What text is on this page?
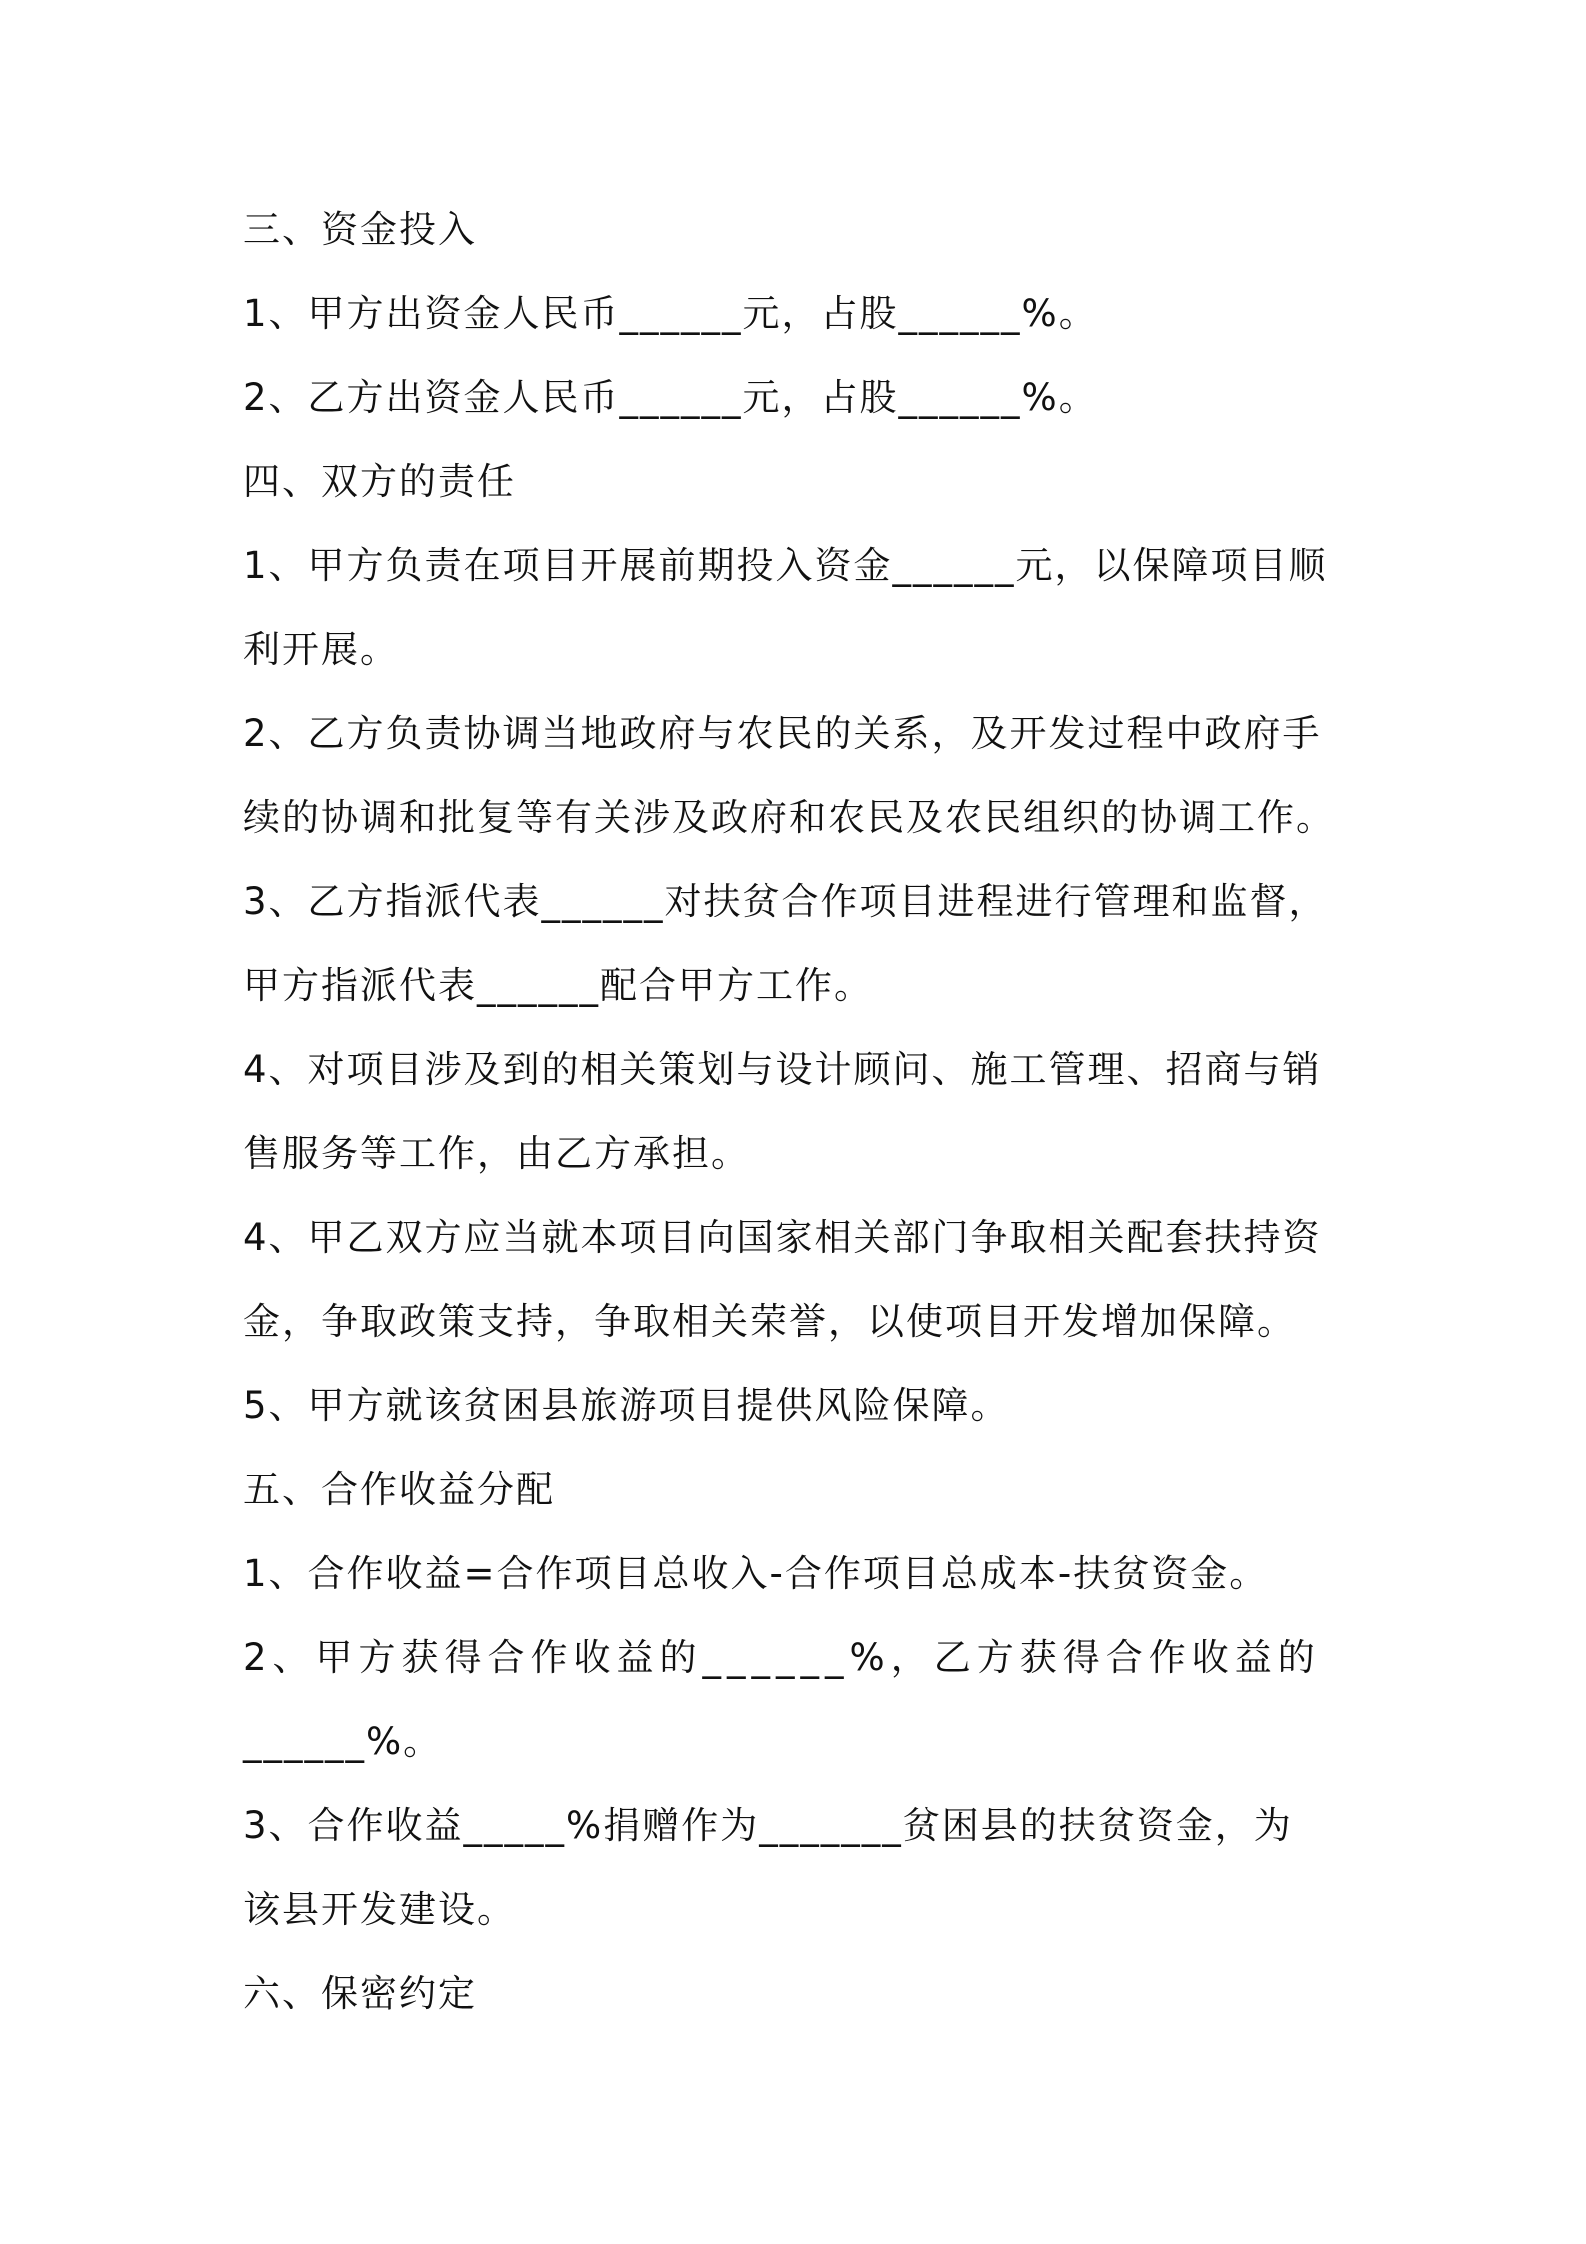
三、资金投入
1、甲方出资金人民币______元，占股______%。
2、乙方出资金人民币______元，占股______%。
四、双方的责任
1、甲方负责在项目开展前期投入资金______元，以保障项目顺
利开展。
2、乙方负责协调当地政府与农民的关系，及开发过程中政府手
续的协调和批复等有关涉及政府和农民及农民组织的协调工作。
3、乙方指派代表______对扶贫合作项目进程进行管理和监督，
甲方指派代表______配合甲方工作。
4、对项目涉及到的相关策划与设计顾问、施工管理、招商与销
售服务等工作，由乙方承担。
4、甲乙双方应当就本项目向国家相关部门争取相关配套扶持资
金，争取政策支持，争取相关荣誉，以使项目开发增加保障。
5、甲方就该贫困县旅游项目提供风险保障。
五、合作收益分配
1、合作收益=合作项目总收入-合作项目总成本-扶贫资金。
2、甲方获得合作收益的______%，乙方获得合作收益的
______%。
3、合作收益_____%捐赠作为_______贫困县的扶贫资金，为
该县开发建设。
六、保密约定
